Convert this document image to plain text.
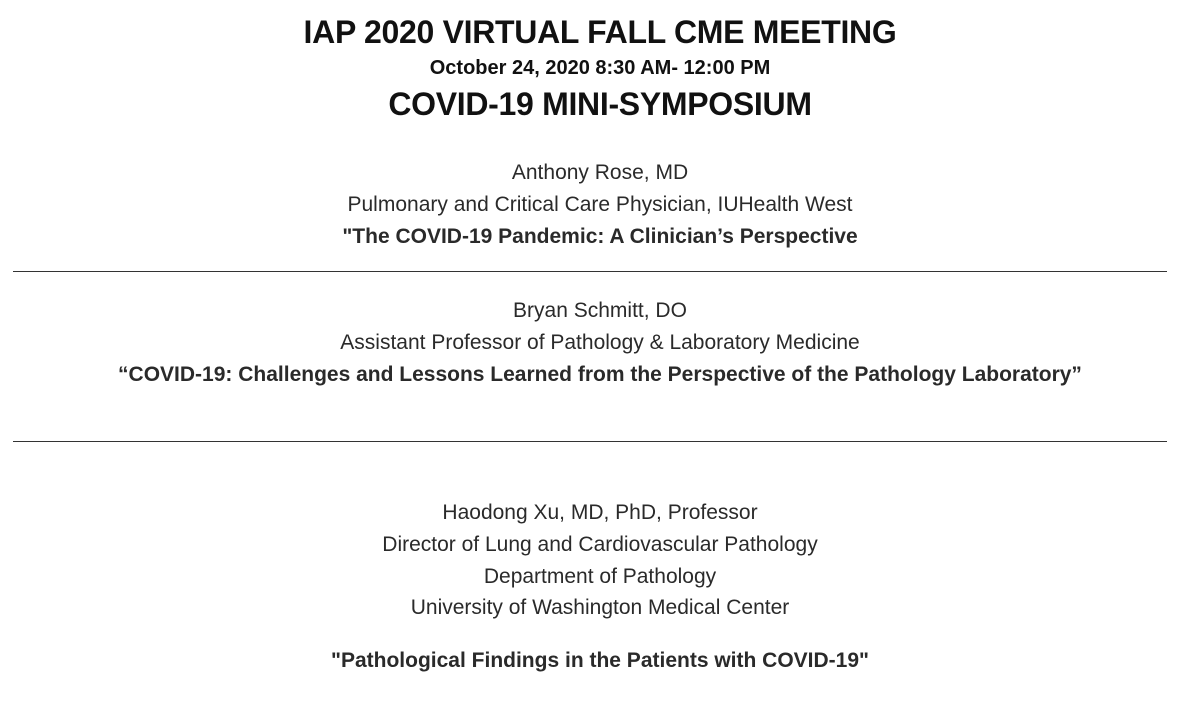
IAP 2020 VIRTUAL FALL CME MEETING
October 24, 2020 8:30 AM- 12:00 PM
COVID-19 MINI-SYMPOSIUM
Anthony Rose, MD
Pulmonary and Critical Care Physician, IUHealth West
"The COVID-19 Pandemic: A Clinician’s Perspective
Bryan Schmitt, DO
Assistant Professor of Pathology & Laboratory Medicine
“COVID-19: Challenges and Lessons Learned from the Perspective of the Pathology Laboratory”
Haodong Xu, MD, PhD, Professor
Director of Lung and Cardiovascular Pathology
Department of Pathology
University of Washington Medical Center
"Pathological Findings in the Patients with COVID-19"
